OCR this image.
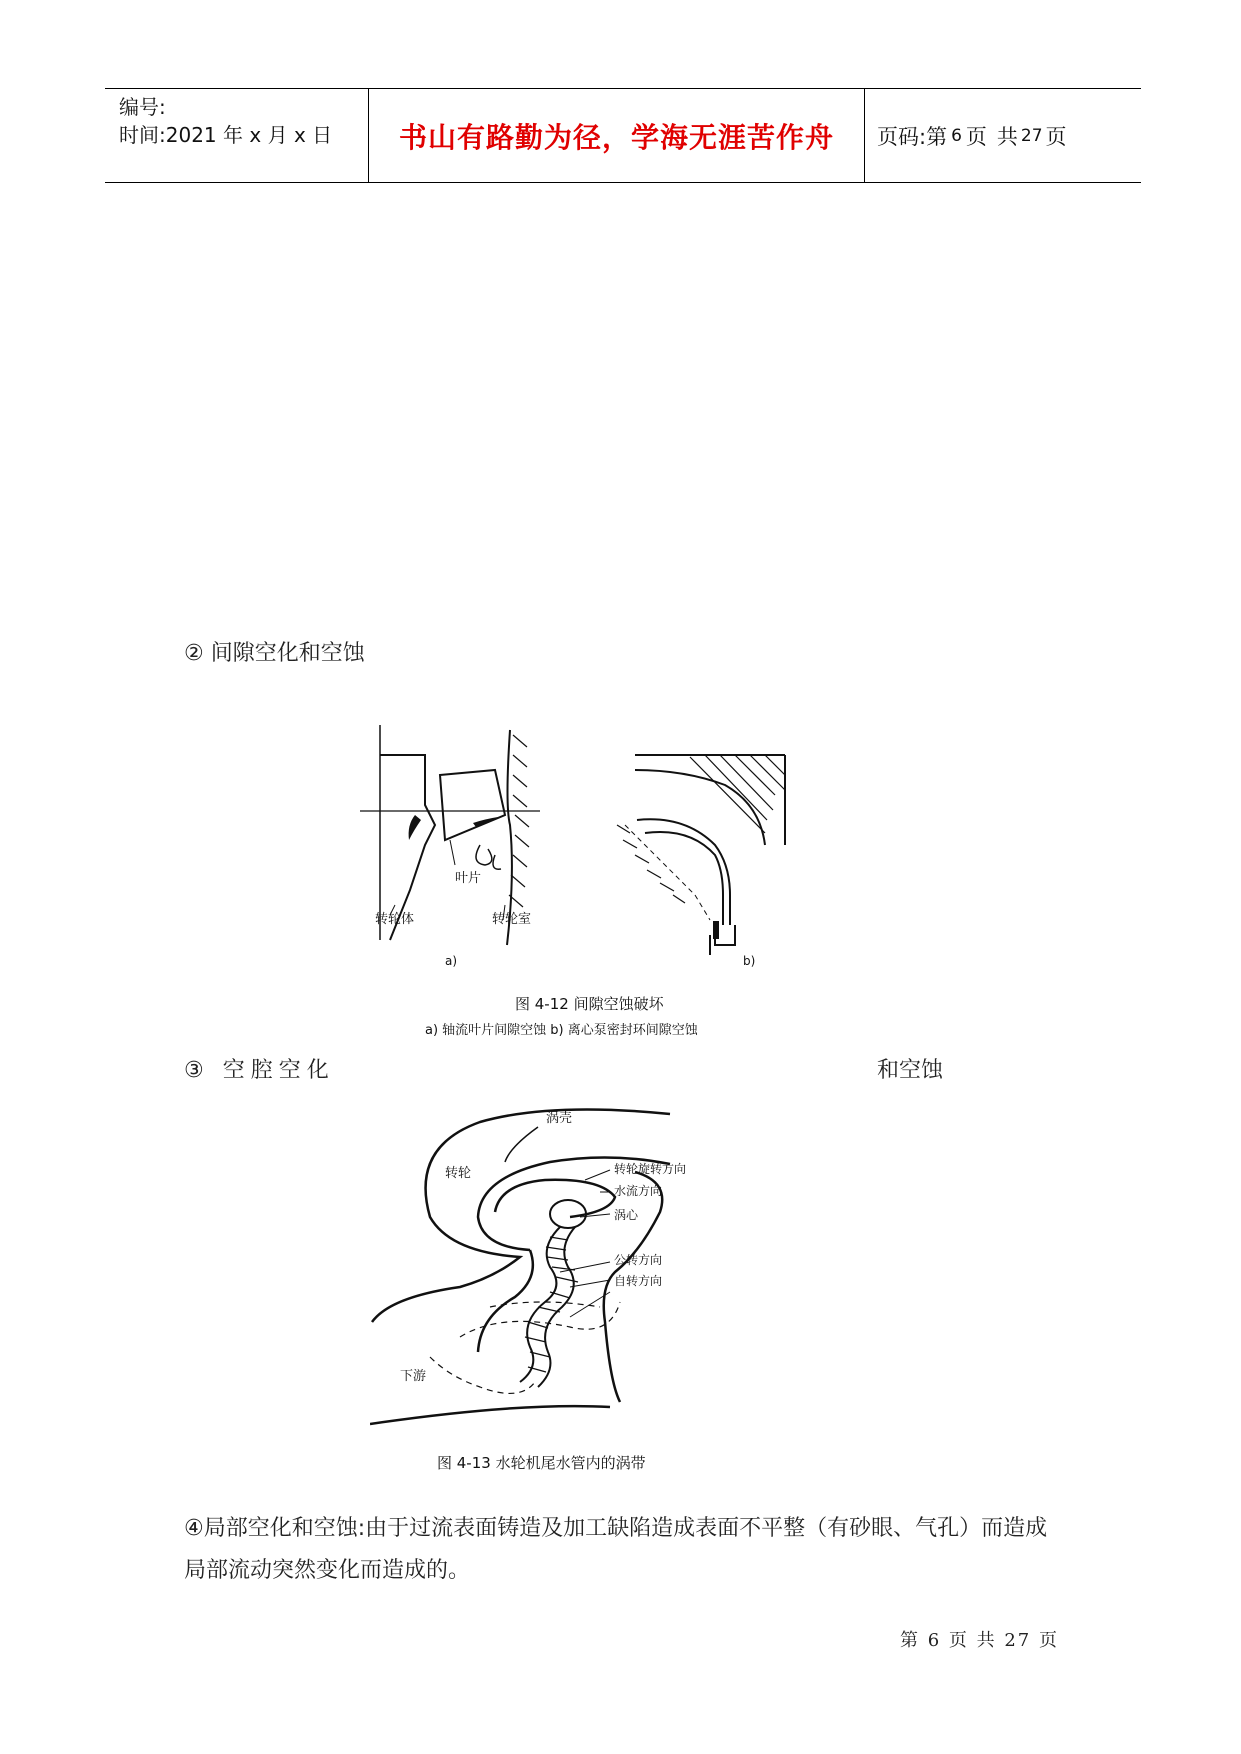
编号:
时间:2021 年 x 月 x 日	书山有路勤为径，学海无涯苦作舟 页码:第 6 页 共 27 页
② 间隙空化和空蚀
叶片
转轮体	转轮室
a)	b)
图 4-12 间隙空蚀破坏
a) 轴流叶片间隙空蚀 b) 离心泵密封环间隙空蚀
③ 空腔空化	和空蚀
涡壳
转轮	转轮旋转方向
水流方向
涡心
公转方向
自转方向
下游
图 4-13 水轮机尾水管内的涡带
④局部空化和空蚀:由于过流表面铸造及加工缺陷造成表面不平整（有砂眼、气孔）而造成局部流动突然变化而造成的。
第 6 页 共 27 页
